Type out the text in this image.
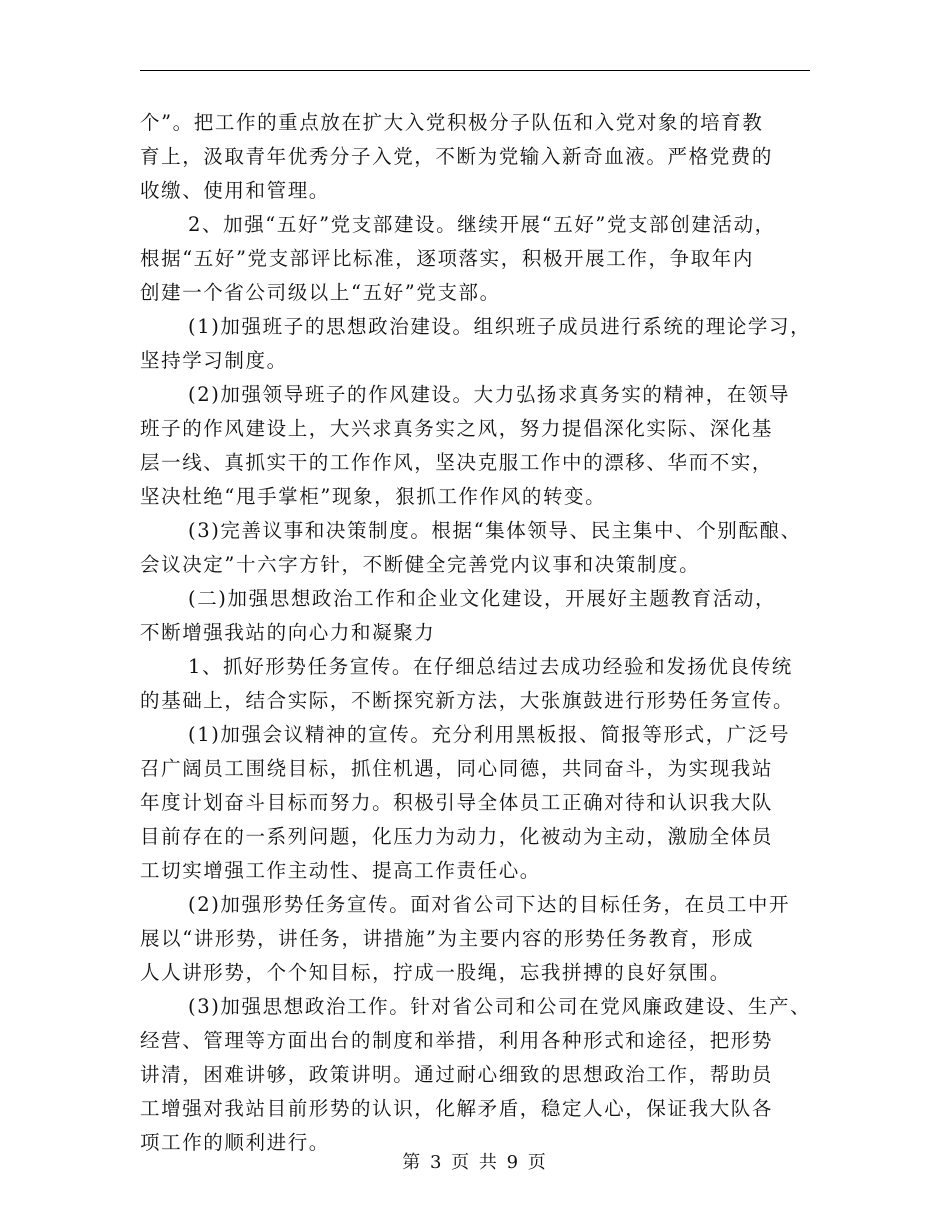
个”。把工作的重点放在扩大入党积极分子队伍和入党对象的培育教
育上，汲取青年优秀分子入党，不断为党输入新奇血液。严格党费的
收缴、使用和管理。
2、加强“五好”党支部建设。继续开展“五好”党支部创建活动，
根据“五好”党支部评比标准，逐项落实，积极开展工作，争取年内
创建一个省公司级以上“五好”党支部。
(1)加强班子的思想政治建设。组织班子成员进行系统的理论学习，
坚持学习制度。
(2)加强领导班子的作风建设。大力弘扬求真务实的精神，在领导
班子的作风建设上，大兴求真务实之风，努力提倡深化实际、深化基
层一线、真抓实干的工作作风，坚决克服工作中的漂移、华而不实，
坚决杜绝“甩手掌柜”现象，狠抓工作作风的转变。
(3)完善议事和决策制度。根据“集体领导、民主集中、个别酝酿、
会议决定”十六字方针，不断健全完善党内议事和决策制度。
(二)加强思想政治工作和企业文化建设，开展好主题教育活动，
不断增强我站的向心力和凝聚力
1、抓好形势任务宣传。在仔细总结过去成功经验和发扬优良传统
的基础上，结合实际，不断探究新方法，大张旗鼓进行形势任务宣传。
(1)加强会议精神的宣传。充分利用黑板报、简报等形式，广泛号
召广阔员工围绕目标，抓住机遇，同心同德，共同奋斗，为实现我站
年度计划奋斗目标而努力。积极引导全体员工正确对待和认识我大队
目前存在的一系列问题，化压力为动力，化被动为主动，激励全体员
工切实增强工作主动性、提高工作责任心。
(2)加强形势任务宣传。面对省公司下达的目标任务，在员工中开
展以“讲形势，讲任务，讲措施”为主要内容的形势任务教育，形成
人人讲形势，个个知目标，拧成一股绳，忘我拼搏的良好氛围。
(3)加强思想政治工作。针对省公司和公司在党风廉政建设、生产、
经营、管理等方面出台的制度和举措，利用各种形式和途径，把形势
讲清，困难讲够，政策讲明。通过耐心细致的思想政治工作，帮助员
工增强对我站目前形势的认识，化解矛盾，稳定人心，保证我大队各
项工作的顺利进行。
第 3 页 共 9 页
